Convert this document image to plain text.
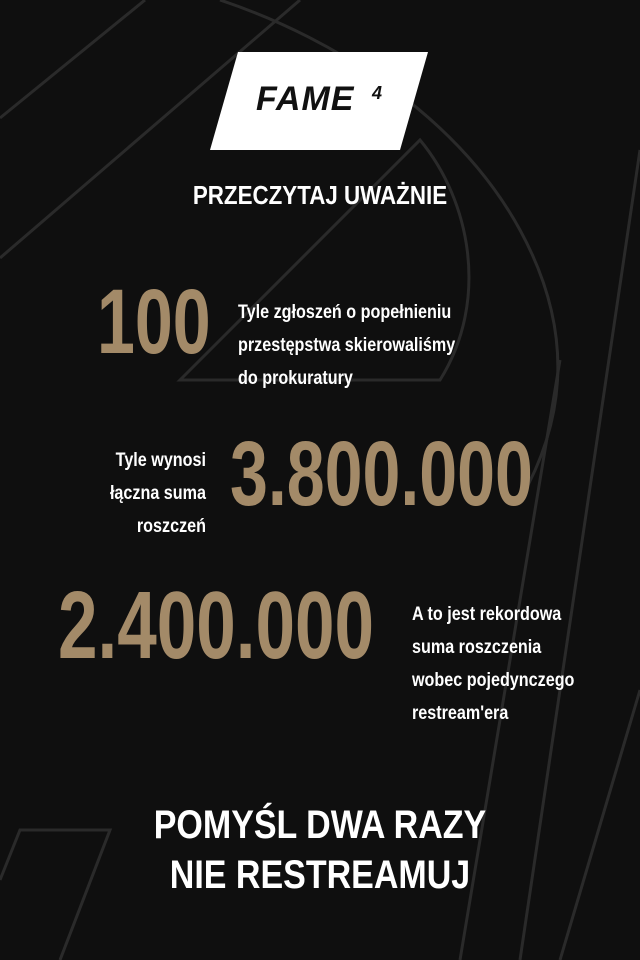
FAME 4
PRZECZYTAJ UWAŻNIE
100 Tyle zgłoszeń o popełnieniu
przestępstwa skierowaliśmy
do prokuratury
Tyle wynosi
łączna suma
roszczeń
3.800.000
2.400.000 A to jest rekordowa
suma roszczenia
wobec pojedynczego
restream'era
POMYŚL DWA RAZY
NIE RESTREAMUJ
